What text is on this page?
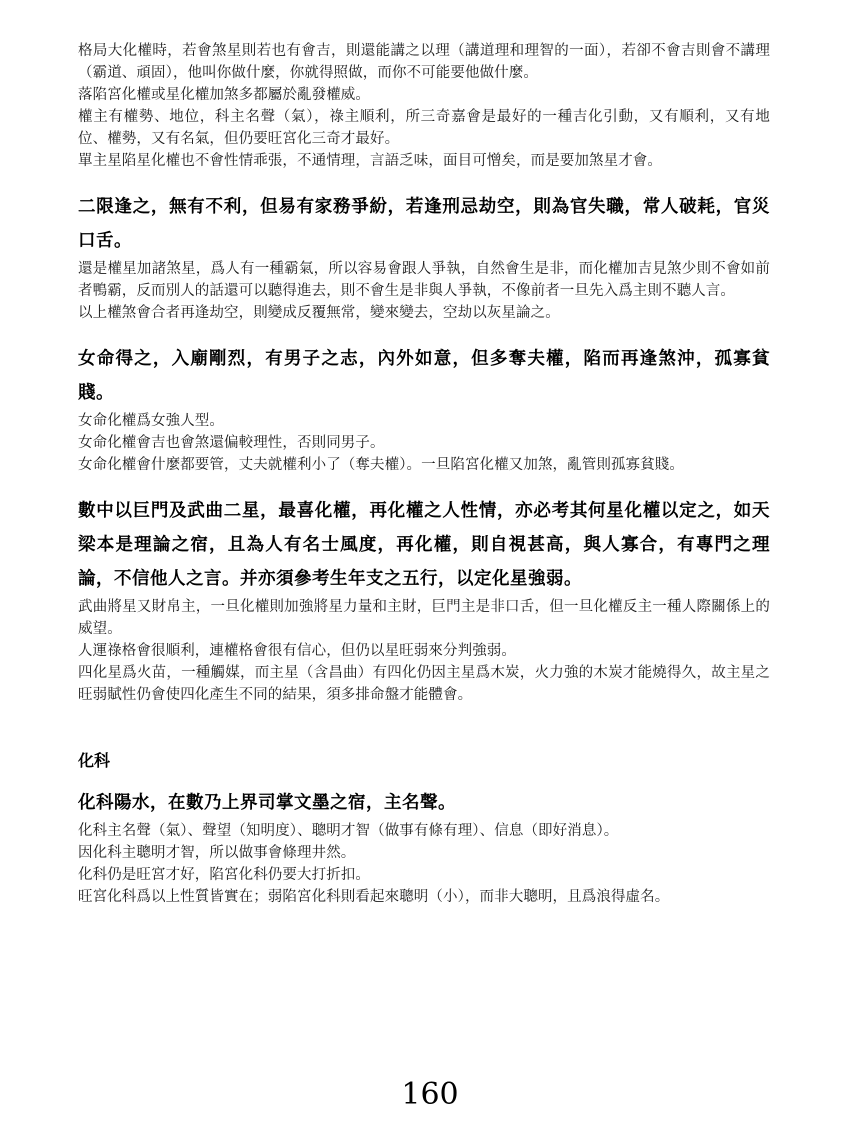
格局大化權時，若會煞星則若也有會吉，則還能講之以理（講道理和理智的一面），若卻不會吉則會不講理（霸道、頑固），他叫你做什麼，你就得照做，而你不可能要他做什麼。

落陷宮化權或星化權加煞多都屬於亂發權威。

權主有權勢、地位，科主名聲（氣），祿主順利，所三奇嘉會是最好的一種吉化引動，又有順利，又有地位、權勢，又有名氣，但仍要旺宮化三奇才最好。

單主星陷星化權也不會性情乖張，不通情理，言語乏味，面目可憎矣，而是要加煞星才會。

二限逢之，無有不利，但易有家務爭紛，若逢刑忌劫空，則為官失職，常人破耗，官災口舌。

還是權星加諸煞星，爲人有一種霸氣，所以容易會跟人爭執，自然會生是非，而化權加吉見煞少則不會如前者鴨霸，反而別人的話還可以聽得進去，則不會生是非與人爭執，不像前者一旦先入爲主則不聽人言。

以上權煞會合者再逢劫空，則變成反覆無常，變來變去，空劫以灰星論之。

女命得之，入廟剛烈，有男子之志，內外如意，但多奪夫權，陷而再逢煞沖，孤寡貧賤。

女命化權爲女強人型。

女命化權會吉也會煞還偏較理性，否則同男子。

女命化權會什麼都要管，丈夫就權利小了（奪夫權）。一旦陷宮化權又加煞，亂管則孤寡貧賤。

數中以巨門及武曲二星，最喜化權，再化權之人性情，亦必考其何星化權以定之，如天梁本是理論之宿，且為人有名士風度，再化權，則自視甚高，與人寡合，有專門之理論，不信他人之言。并亦須參考生年支之五行，以定化星強弱。

武曲將星又財帛主，一旦化權則加強將星力量和主財，巨門主是非口舌，但一旦化權反主一種人際關係上的威望。

人運祿格會很順利，連權格會很有信心，但仍以星旺弱來分判強弱。

四化星爲火苗，一種觸媒，而主星（含昌曲）有四化仍因主星爲木炭，火力強的木炭才能燒得久，故主星之旺弱賦性仍會使四化產生不同的結果，須多排命盤才能體會。

化科

化科陽水，在數乃上界司掌文墨之宿，主名聲。

化科主名聲（氣）、聲望（知明度）、聰明才智（做事有條有理）、信息（即好消息）。

因化科主聰明才智，所以做事會條理井然。

化科仍是旺宮才好，陷宮化科仍要大打折扣。

旺宮化科爲以上性質皆實在；弱陷宮化科則看起來聰明（小），而非大聰明，且爲浪得虛名。

160
